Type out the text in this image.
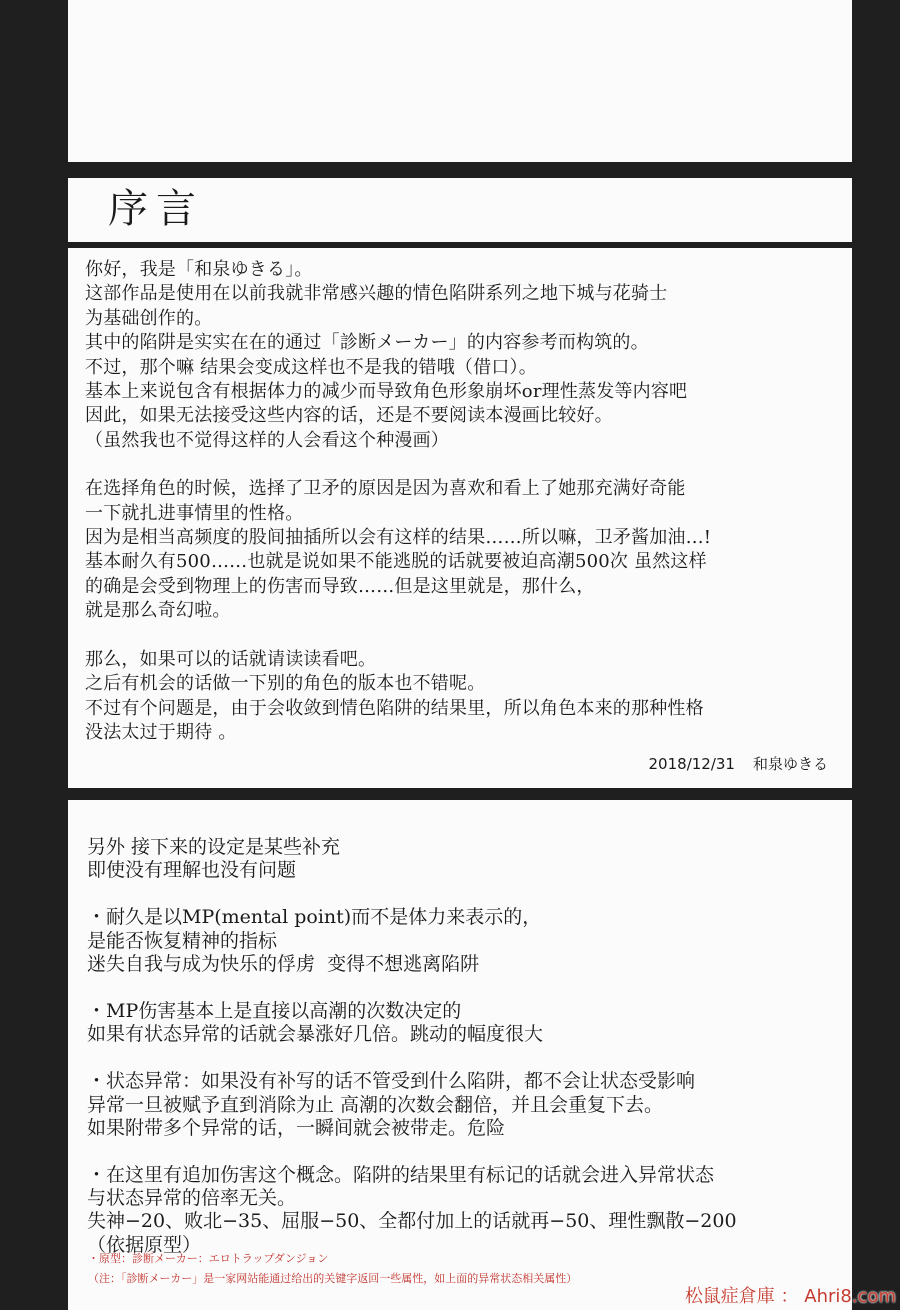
序言
你好，我是「和泉ゆきる」。
这部作品是使用在以前我就非常感兴趣的情色陷阱系列之地下城与花骑士
为基础创作的。
其中的陷阱是实实在在的通过「診断メーカー」的内容参考而构筑的。
不过，那个嘛 结果会变成这样也不是我的错哦（借口）。
基本上来说包含有根据体力的减少而导致角色形象崩坏or理性蒸发等内容吧
因此，如果无法接受这些内容的话，还是不要阅读本漫画比较好。
（虽然我也不觉得这样的人会看这个种漫画）
在选择角色的时候，选择了卫矛的原因是因为喜欢和看上了她那充满好奇能
一下就扎进事情里的性格。
因为是相当高频度的股间抽插所以会有这样的结果……所以嘛，卫矛酱加油…!
基本耐久有500……也就是说如果不能逃脱的话就要被迫高潮500次 虽然这样
的确是会受到物理上的伤害而导致……但是这里就是，那什么，
就是那么奇幻啦。
那么，如果可以的话就请读读看吧。
之后有机会的话做一下别的角色的版本也不错呢。
不过有个问题是，由于会收敛到情色陷阱的结果里，所以角色本来的那种性格
没法太过于期待 。
2018/12/31 和泉ゆきる
另外 接下来的设定是某些补充
即使没有理解也没有问题
・耐久是以MP(mental point)而不是体力来表示的，
是能否恢复精神的指标
迷失自我与成为快乐的俘虏  变得不想逃离陷阱
・MP伤害基本上是直接以高潮的次数决定的
如果有状态异常的话就会暴涨好几倍。跳动的幅度很大
・状态异常：如果没有补写的话不管受到什么陷阱，都不会让状态受影响
异常一旦被赋予直到消除为止 高潮的次数会翻倍，并且会重复下去。
如果附带多个异常的话，一瞬间就会被带走。危险
・在这里有追加伤害这个概念。陷阱的结果里有标记的话就会进入异常状态
与状态异常的倍率无关。
失神−20、败北−35、屈服−50、全都付加上的话就再−50、理性飘散−200
（依据原型）
・原型：診断メーカー：エロトラップダンジョン
（注：「診断メーカー」是一家网站能通过给出的关键字返回一些属性，如上面的异常状态相关属性）
松鼠症倉庫 ： Ahri8.com
